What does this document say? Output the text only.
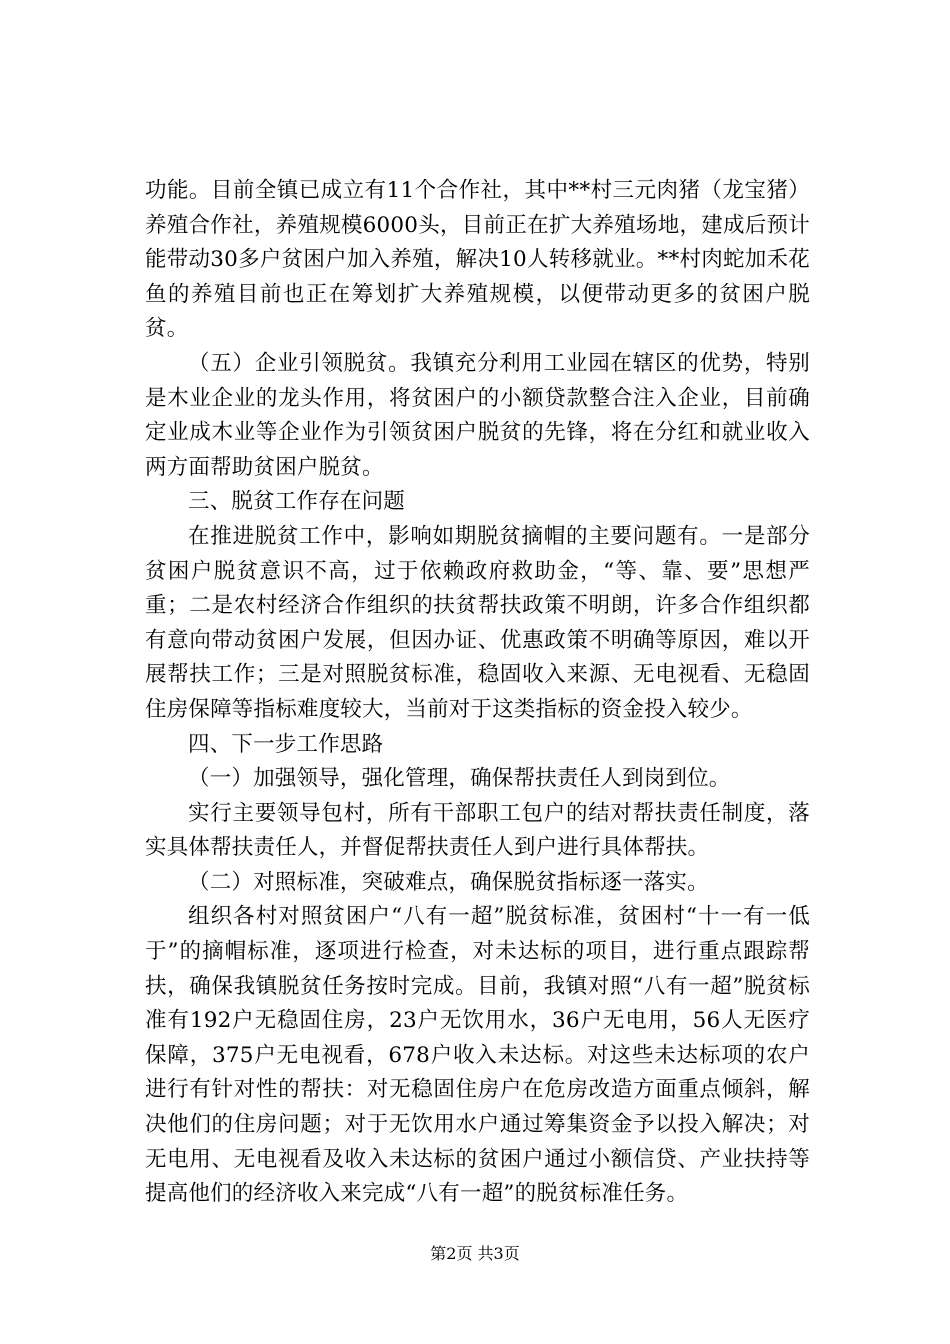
功能。目前全镇已成立有11个合作社，其中**村三元肉猪（龙宝猪）养殖合作社，养殖规模6000头，目前正在扩大养殖场地，建成后预计能带动30多户贫困户加入养殖，解决10人转移就业。**村肉蛇加禾花鱼的养殖目前也正在筹划扩大养殖规模，以便带动更多的贫困户脱贫。

（五）企业引领脱贫。我镇充分利用工业园在辖区的优势，特别是木业企业的龙头作用，将贫困户的小额贷款整合注入企业，目前确定业成木业等企业作为引领贫困户脱贫的先锋，将在分红和就业收入两方面帮助贫困户脱贫。

三、脱贫工作存在问题

在推进脱贫工作中，影响如期脱贫摘帽的主要问题有。一是部分贫困户脱贫意识不高，过于依赖政府救助金，“等、靠、要”思想严重；二是农村经济合作组织的扶贫帮扶政策不明朗，许多合作组织都有意向带动贫困户发展，但因办证、优惠政策不明确等原因，难以开展帮扶工作；三是对照脱贫标准，稳固收入来源、无电视看、无稳固住房保障等指标难度较大，当前对于这类指标的资金投入较少。

四、下一步工作思路

（一）加强领导，强化管理，确保帮扶责任人到岗到位。

实行主要领导包村，所有干部职工包户的结对帮扶责任制度，落实具体帮扶责任人，并督促帮扶责任人到户进行具体帮扶。

（二）对照标准，突破难点，确保脱贫指标逐一落实。

组织各村对照贫困户“八有一超”脱贫标准，贫困村“十一有一低于”的摘帽标准，逐项进行检查，对未达标的项目，进行重点跟踪帮扶，确保我镇脱贫任务按时完成。目前，我镇对照“八有一超”脱贫标准有192户无稳固住房，23户无饮用水，36户无电用，56人无医疗保障，375户无电视看，678户收入未达标。对这些未达标项的农户进行有针对性的帮扶：对无稳固住房户在危房改造方面重点倾斜，解决他们的住房问题；对于无饮用水户通过筹集资金予以投入解决；对无电用、无电视看及收入未达标的贫困户通过小额信贷、产业扶持等提高他们的经济收入来完成“八有一超”的脱贫标准任务。

第2页 共3页
